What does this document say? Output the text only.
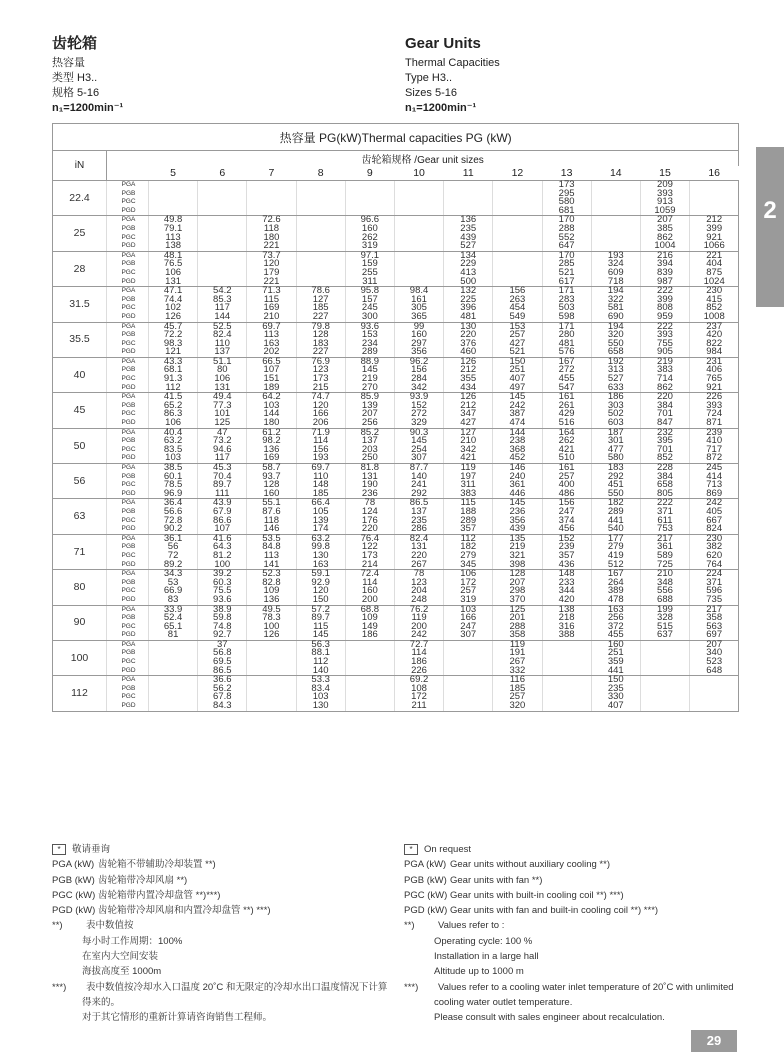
齿轮箱
热容量
类型 H3..
规格 5-16
n₁=1200min⁻¹
Gear Units
Thermal Capacities
Type H3..
Sizes 5-16
n₁=1200min⁻¹
2
热容量 PG(kW)Thermal capacities PG (kW)													
iN	齿轮箱规格 /Gear unit sizes												
		5	6	7	8	9	10	11	12	13	14	15	16
22.4	PGA									173		209	
	PGB									295		393	
	PGC									580		913	
	PGD									681		1059	
25	PGA	49.8		72.6		96.6		136		170		207	212
	PGB	79.1		118		160		235		288		385	399
	PGC	113		180		262		439		552		862	921
	PGD	138		221		319		527		647		1004	1066
28	PGA	48.1		73.7		97.1		134		170	193	216	221
	PGB	76.5		120		159		229		285	324	394	404
	PGC	106		179		255		413		521	609	839	875
	PGD	131		221		311		500		617	718	987	1024
31.5	PGA	47.1	54.2	71.3	78.6	95.8	98.4	132	156	171	194	222	230
	PGB	74.4	85.3	115	127	157	161	225	263	283	322	399	415
	PGC	102	117	169	185	245	305	396	454	503	581	808	852
	PGD	126	144	210	227	300	365	481	549	598	690	959	1008
35.5	PGA	45.7	52.5	69.7	79.8	93.6	99	130	153	171	194	222	237
	PGB	72.2	82.4	113	128	153	160	220	257	280	320	393	420
	PGC	98.3	110	163	183	234	297	376	427	481	550	755	822
	PGD	121	137	202	227	289	356	460	521	576	658	905	984
40	PGA	43.3	51.1	66.5	76.9	88.9	96.2	126	150	167	192	219	231
	PGB	68.1	80	107	123	145	156	212	251	272	313	383	406
	PGC	91.3	106	151	173	219	284	355	407	455	527	714	765
	PGD	112	131	189	215	270	342	434	497	547	633	862	921
45	PGA	41.5	49.4	64.2	74.7	85.9	93.9	126	145	161	186	220	226
	PGB	65.2	77.3	103	120	139	152	212	242	261	303	384	393
	PGC	86.3	101	144	166	207	272	347	387	429	502	701	724
	PGD	106	125	180	206	256	329	427	474	516	603	847	871
50	PGA	40.4	47	61.2	71.9	85.2	90.3	127	144	164	187	232	239
	PGB	63.2	73.2	98.2	114	137	145	210	238	262	301	395	410
	PGC	83.5	94.6	136	156	203	254	342	368	421	477	701	717
	PGD	103	117	169	193	250	307	421	452	510	580	852	872
56	PGA	38.5	45.3	58.7	69.7	81.8	87.7	119	146	161	183	228	245
	PGB	60.1	70.4	93.7	110	131	140	197	240	257	292	384	414
	PGC	78.5	89.7	128	148	190	241	311	361	400	451	658	713
	PGD	96.9	111	160	185	236	292	383	446	486	550	805	869
63	PGA	36.4	43.9	55.1	66.4	78	86.5	115	145	156	182	222	242
	PGB	56.6	67.9	87.6	105	124	137	188	236	247	289	371	405
	PGC	72.8	86.6	118	139	176	235	289	356	374	441	611	667
	PGD	90.2	107	146	174	220	286	357	439	456	540	753	824
71	PGA	36.1	41.6	53.5	63.2	76.4	82.4	112	135	152	177	217	230
	PGB	56	64.3	84.8	99.8	122	131	182	219	239	279	361	382
	PGC	72	81.2	113	130	173	220	279	321	357	419	589	620
	PGD	89.2	100	141	163	214	267	345	398	436	512	725	764
80	PGA	34.3	39.2	52.3	59.1	72.4	78	106	128	148	167	210	224
	PGB	53	60.3	82.8	92.9	114	123	172	207	233	264	348	371
	PGC	66.9	75.5	109	120	160	204	257	298	344	389	556	596
	PGD	83	93.6	136	150	200	248	319	370	420	478	688	735
90	PGA	33.9	38.9	49.5	57.2	68.8	76.2	103	125	138	163	199	217
	PGB	52.4	59.8	78.3	89.7	109	119	166	201	218	256	328	358
	PGC	65.1	74.8	100	115	149	200	247	288	316	372	515	563
	PGD	81	92.7	126	145	186	242	307	358	388	455	637	697
100	PGA		37		56.3		72.7		119		160		207
	PGB		56.8		88.1		114		191		251		340
	PGC		69.5		112		186		267		359		523
	PGD		86.5		140		226		332		441		648
112	PGA		36.6		53.3		69.2		116		150		
	PGB		56.2		83.4		108		185		235		
	PGC		67.8		103		172		257		330		
	PGD		84.3		130		211		320		407		
* 敬请垂询
PGA (kW) 齿轮箱不带辅助冷却装置 **)
PGB (kW) 齿轮箱带冷却风扇 **)
PGC (kW) 齿轮箱带内置冷却盘管 **)***)
PGD (kW) 齿轮箱带冷却风扇和内置冷却盘管 **) ***)
**) 表中数值按
每小时工作周期：100%
在室内大空间安装
海拔高度至 1000m
***) 表中数值按冷却水入口温度 20˚C 和无限定的冷却水出口温度情况下计算
得来的。
对于其它情形的重新计算请咨询销售工程师。
* On request
PGA (kW) Gear units without auxiliary cooling **)
PGB (kW) Gear units with fan **)
PGC (kW) Gear units with built-in cooling coil **) ***)
PGD (kW) Gear units with fan and built-in cooling coil **) ***)
**) Values refer to :
Operating cycle: 100 %
Installation in a large hall
Altitude up to 1000 m
***) Values refer to a cooling water inlet temperature of 20˚C with unlimited
cooling water outlet temperature.
Please consult with sales engineer about recalculation.
29
